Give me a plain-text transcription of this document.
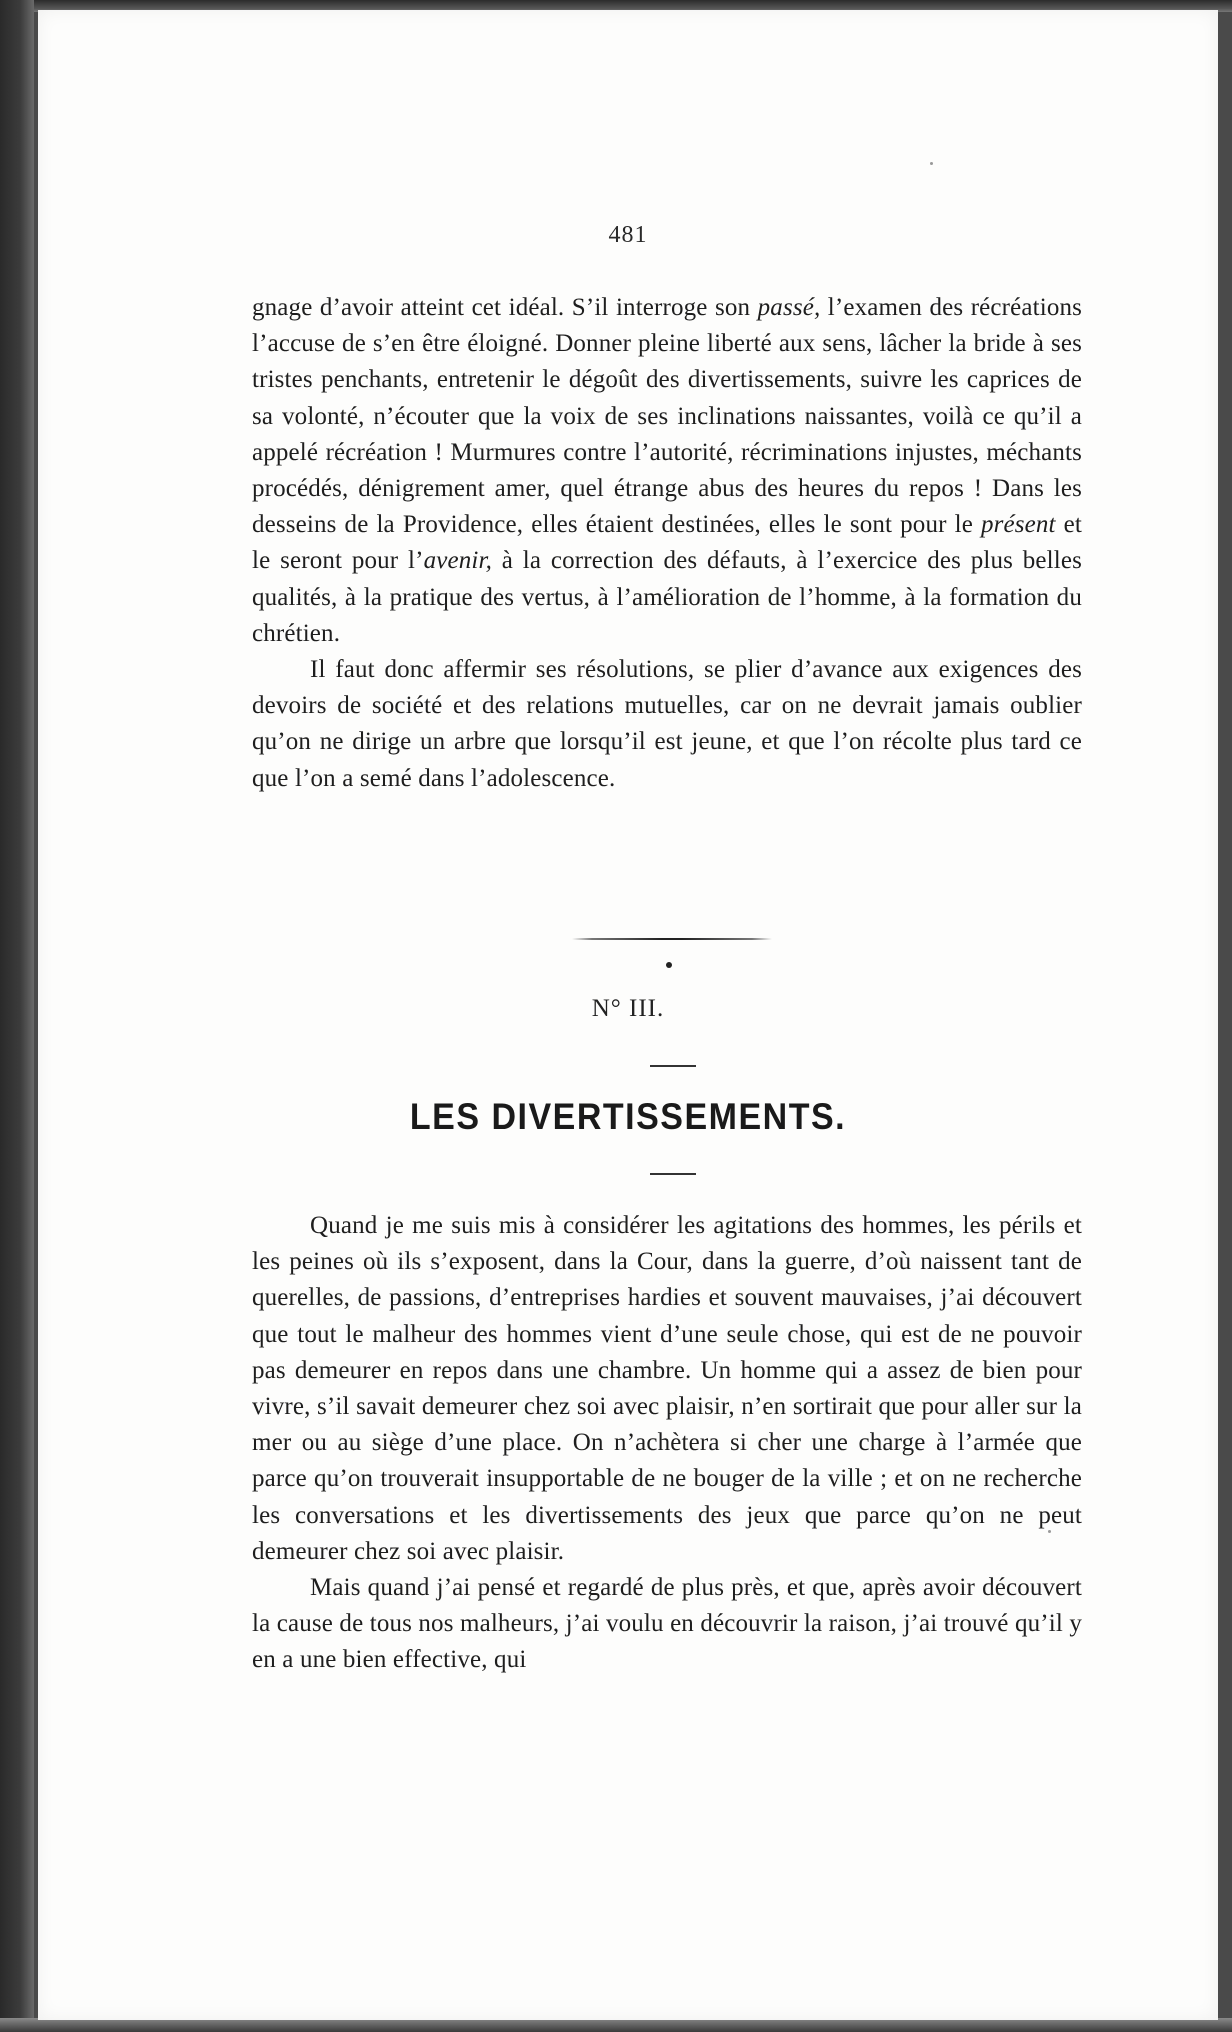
481

gnage d’avoir atteint cet idéal. S’il interroge son passé, l’examen des récréations l’accuse de s’en être éloigné. Donner pleine liberté aux sens, lâcher la bride à ses tristes penchants, entretenir le dégoût des divertissements, suivre les caprices de sa volonté, n’écouter que la voix de ses inclinations naissantes, voilà ce qu’il a appelé récréation ! Murmures contre l’autorité, récriminations injustes, méchants procédés, dénigrement amer, quel étrange abus des heures du repos ! Dans les desseins de la Providence, elles étaient destinées, elles le sont pour le présent et le seront pour l’avenir, à la correction des défauts, à l’exercice des plus belles qualités, à la pratique des vertus, à l’amélioration de l’homme, à la formation du chrétien.

Il faut donc affermir ses résolutions, se plier d’avance aux exigences des devoirs de société et des relations mutuelles, car on ne devrait jamais oublier qu’on ne dirige un arbre que lorsqu’il est jeune, et que l’on récolte plus tard ce que l’on a semé dans l’adolescence.

N° III.
LES DIVERTISSEMENTS.

Quand je me suis mis à considérer les agitations des hommes, les périls et les peines où ils s’exposent, dans la Cour, dans la guerre, d’où naissent tant de querelles, de passions, d’entreprises hardies et souvent mauvaises, j’ai découvert que tout le malheur des hommes vient d’une seule chose, qui est de ne pouvoir pas demeurer en repos dans une chambre. Un homme qui a assez de bien pour vivre, s’il savait demeurer chez soi avec plaisir, n’en sortirait que pour aller sur la mer ou au siège d’une place. On n’achètera si cher une charge à l’armée que parce qu’on trouverait insupportable de ne bouger de la ville ; et on ne recherche les conversations et les divertissements des jeux que parce qu’on ne peut demeurer chez soi avec plaisir.

Mais quand j’ai pensé et regardé de plus près, et que, après avoir découvert la cause de tous nos malheurs, j’ai voulu en découvrir la raison, j’ai trouvé qu’il y en a une bien effective, qui
